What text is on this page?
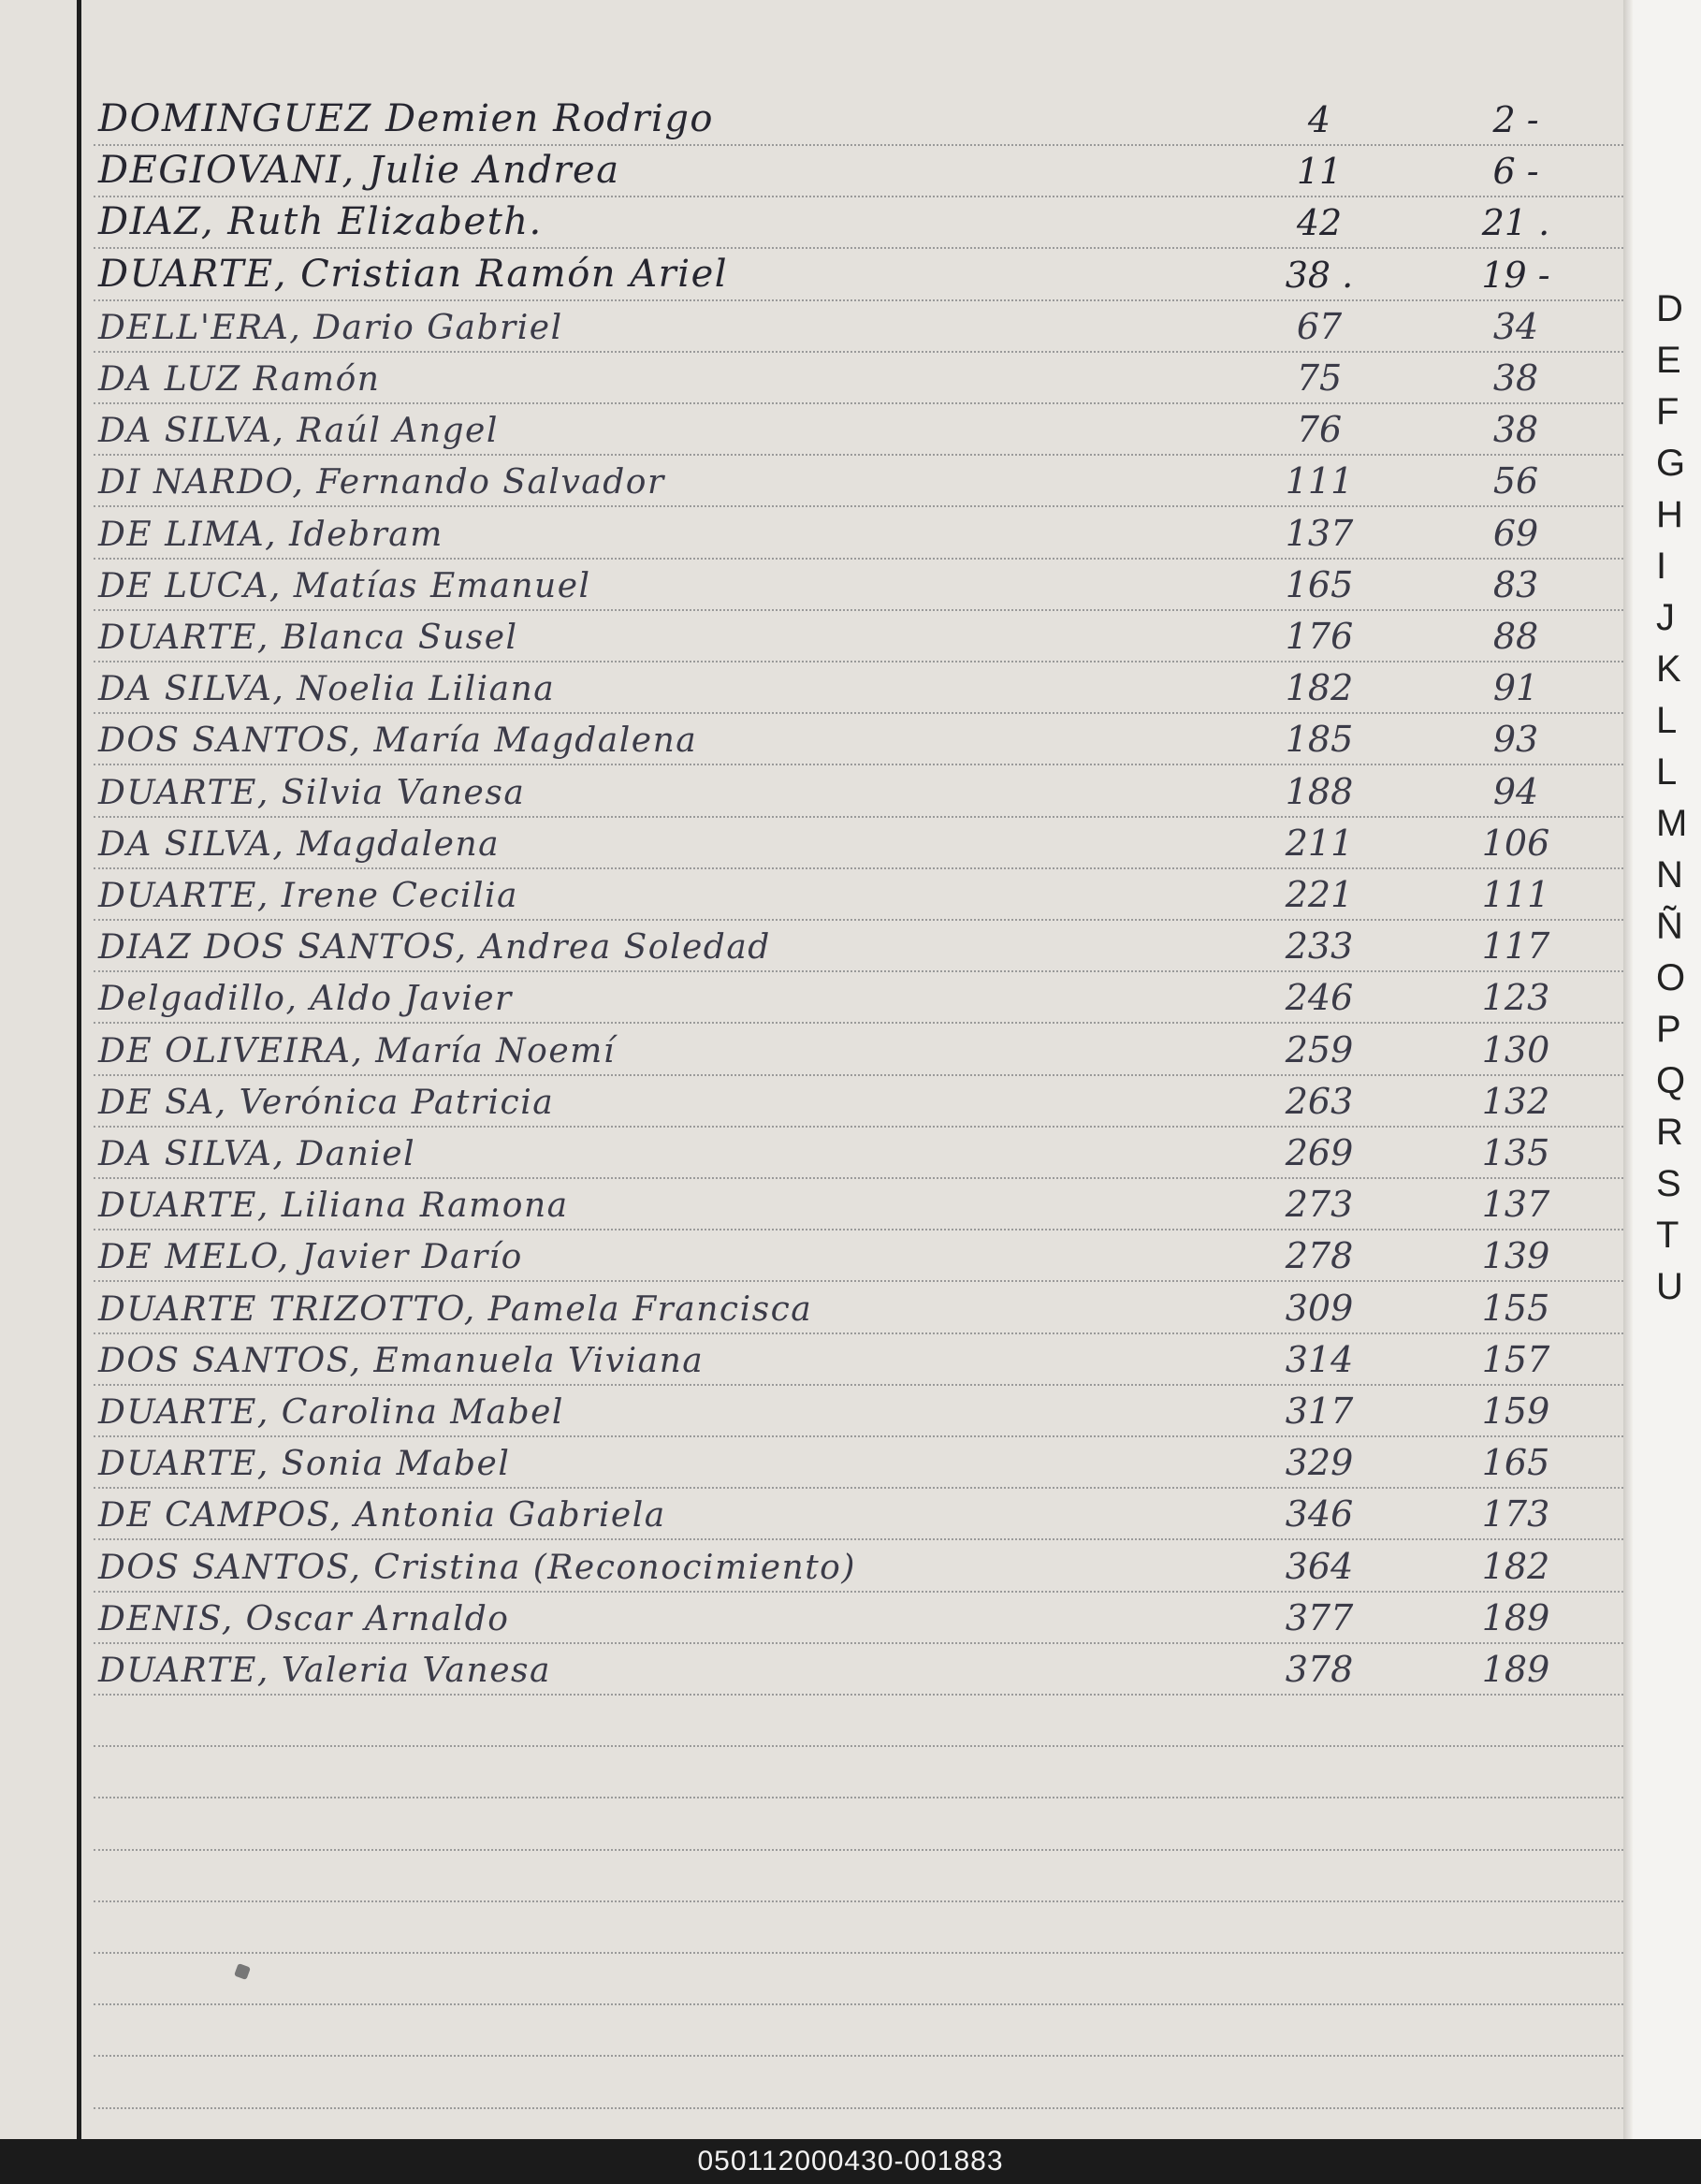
DOMINGUEZ Demien Rodrigo	4	2 -
DEGIOVANI, Julie Andrea	11	6 -
DIAZ, Ruth Elizabeth.	42	21 .
DUARTE, Cristian Ramón Ariel	38 .	19 -
DELL'ERA, Dario Gabriel	67	34
DA LUZ Ramón	75	38
DA SILVA, Raúl Angel	76	38
DI NARDO, Fernando Salvador	111	56
DE LIMA, Idebram	137	69
DE LUCA, Matías Emanuel	165	83
DUARTE, Blanca Susel	176	88
DA SILVA, Noelia Liliana	182	91
DOS SANTOS, María Magdalena	185	93
DUARTE, Silvia Vanesa	188	94
DA SILVA, Magdalena	211	106
DUARTE, Irene Cecilia	221	111
DIAZ DOS SANTOS, Andrea Soledad	233	117
Delgadillo, Aldo Javier	246	123
DE OLIVEIRA, María Noemí	259	130
DE SA, Verónica Patricia	263	132
DA SILVA, Daniel	269	135
DUARTE, Liliana Ramona	273	137
DE MELO, Javier Darío	278	139
DUARTE TRIZOTTO, Pamela Francisca	309	155
DOS SANTOS, Emanuela Viviana	314	157
DUARTE, Carolina Mabel	317	159
DUARTE, Sonia Mabel	329	165
DE CAMPOS, Antonia Gabriela	346	173
DOS SANTOS, Cristina (Reconocimiento)	364	182
DENIS, Oscar Arnaldo	377	189
DUARTE, Valeria Vanesa	378	189
D
E
F
G
H
I
J
K
L
L
M
N
Ñ
O
P
Q
R
S
T
U
050112000430-001883
